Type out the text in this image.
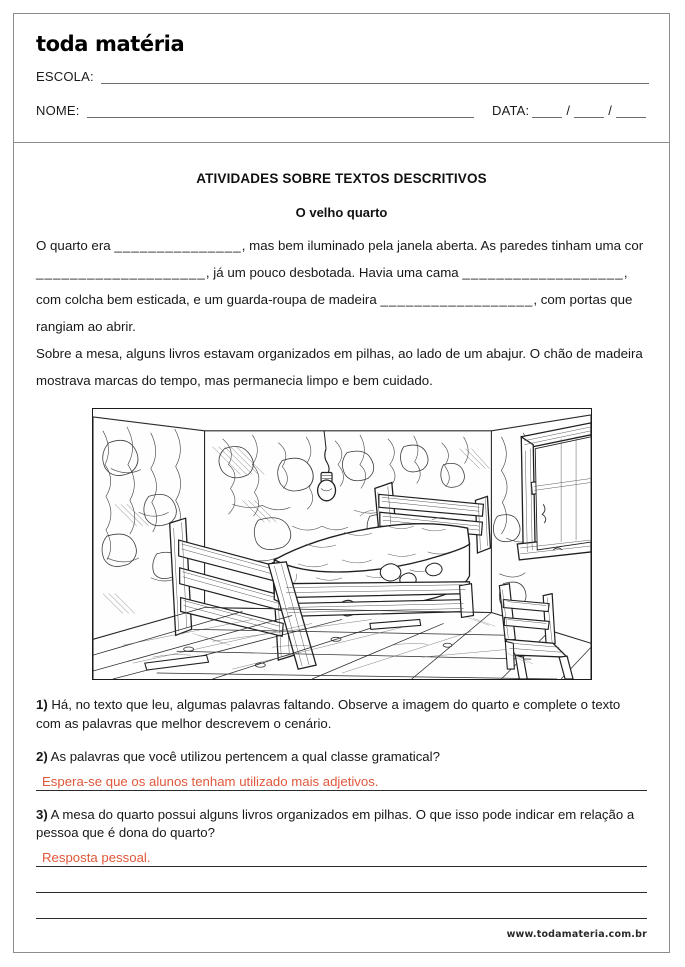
toda matéria
ESCOLA:
NOME:	DATA:	/	/
ATIVIDADES SOBRE TEXTOS DESCRITIVOS
O velho quarto
O quarto era _______________, mas bem iluminado pela janela aberta. As paredes tinham uma cor ____________________, já um pouco desbotada. Havia uma cama ___________________, com colcha bem esticada, e um guarda-roupa de madeira __________________, com portas que rangiam ao abrir.
Sobre a mesa, alguns livros estavam organizados em pilhas, ao lado de um abajur. O chão de madeira mostrava marcas do tempo, mas permanecia limpo e bem cuidado.
1) Há, no texto que leu, algumas palavras faltando. Observe a imagem do quarto e complete o texto com as palavras que melhor descrevem o cenário.
2) As palavras que você utilizou pertencem a qual classe gramatical?
Espera-se que os alunos tenham utilizado mais adjetivos.
3) A mesa do quarto possui alguns livros organizados em pilhas. O que isso pode indicar em relação a pessoa que é dona do quarto?
Resposta pessoal.
www.todamateria.com.br
